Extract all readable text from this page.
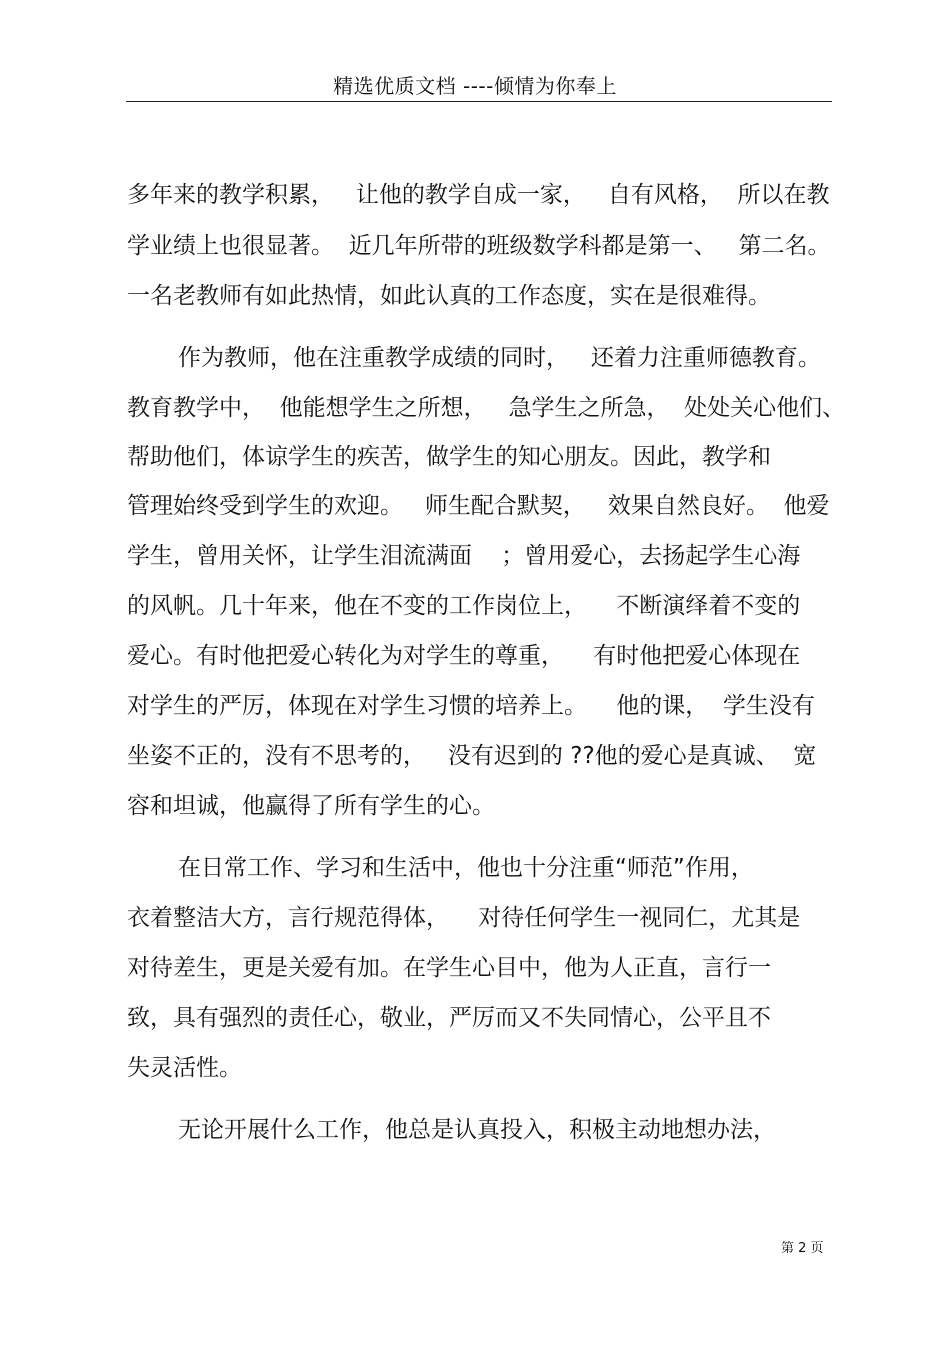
精选优质文档 ----倾情为你奉上
多年来的教学积累，   让他的教学自成一家，   自有风格，  所以在教
学业绩上也很显著。  近几年所带的班级数学科都是第一、   第二名。
一名老教师有如此热情，如此认真的工作态度，实在是很难得。
作为教师，他在注重教学成绩的同时，   还着力注重师德教育。
教育教学中，  他能想学生之所想，   急学生之所急，  处处关心他们、
帮助他们，体谅学生的疾苦，做学生的知心朋友。因此，教学和
管理始终受到学生的欢迎。   师生配合默契，   效果自然良好。  他爱
学生，曾用关怀，让学生泪流满面    ；曾用爱心，去扬起学生心海
的风帆。几十年来，他在不变的工作岗位上，    不断演绎着不变的
爱心。有时他把爱心转化为对学生的尊重，    有时他把爱心体现在
对学生的严厉，体现在对学生习惯的培养上。    他的课，  学生没有
坐姿不正的，没有不思考的，   没有迟到的 ??他的爱心是真诚、  宽
容和坦诚，他赢得了所有学生的心。
在日常工作、学习和生活中，他也十分注重“师范”作用，
衣着整洁大方，言行规范得体，    对待任何学生一视同仁，尤其是
对待差生，更是关爱有加。在学生心目中，他为人正直，言行一
致，具有强烈的责任心，敬业，严厉而又不失同情心，公平且不
失灵活性。
无论开展什么工作，他总是认真投入，积极主动地想办法，
第 2 页
